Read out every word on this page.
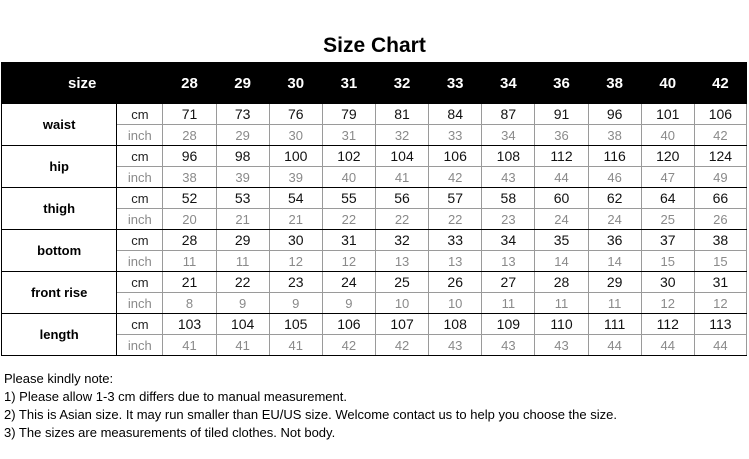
Size Chart
size		28	29	30	31	32	33	34	36	38	40	42
waist	cm	71	73	76	79	81	84	87	91	96	101	106
	inch	28	29	30	31	32	33	34	36	38	40	42
hip	cm	96	98	100	102	104	106	108	112	116	120	124
	inch	38	39	39	40	41	42	43	44	46	47	49
thigh	cm	52	53	54	55	56	57	58	60	62	64	66
	inch	20	21	21	22	22	22	23	24	24	25	26
bottom	cm	28	29	30	31	32	33	34	35	36	37	38
	inch	11	11	12	12	13	13	13	14	14	15	15
front rise	cm	21	22	23	24	25	26	27	28	29	30	31
	inch	8	9	9	9	10	10	11	11	11	12	12
length	cm	103	104	105	106	107	108	109	110	111	112	113
	inch	41	41	41	42	42	43	43	43	44	44	44
Please kindly note:
1) Please allow 1-3 cm differs due to manual measurement.
2) This is Asian size. It may run smaller than EU/US size. Welcome contact us to help you choose the size.
3) The sizes are measurements of tiled clothes. Not body.
